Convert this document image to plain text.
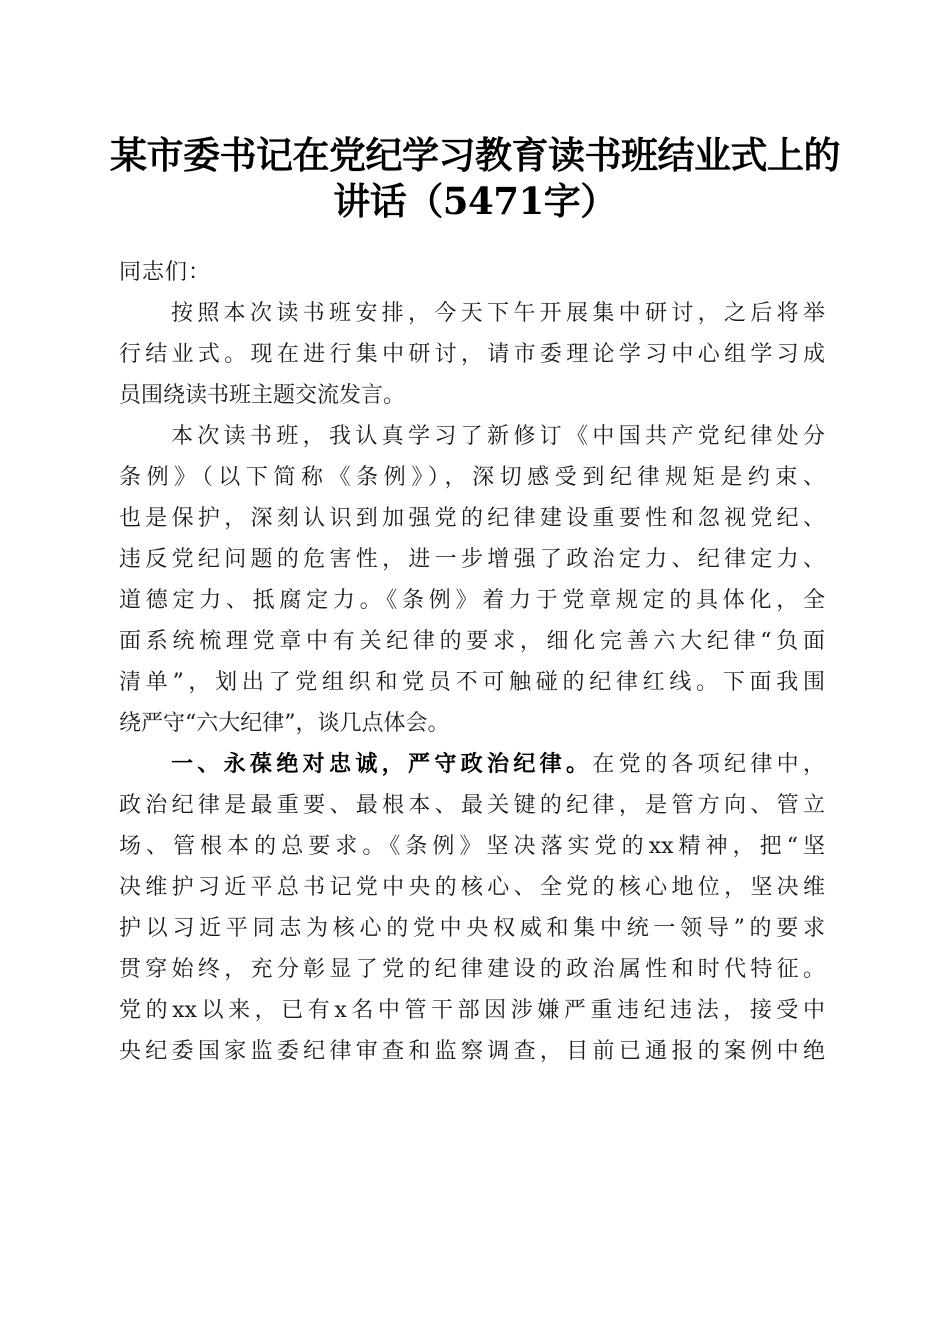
某市委书记在党纪学习教育读书班结业式上的
讲话（5471字）
同志们：
按照本次读书班安排，今天下午开展集中研讨，之后将举
行结业式。现在进行集中研讨，请市委理论学习中心组学习成
员围绕读书班主题交流发言。
本次读书班，我认真学习了新修订《中国共产党纪律处分
条例》（以下简称《条例》），深切感受到纪律规矩是约束、
也是保护，深刻认识到加强党的纪律建设重要性和忽视党纪、
违反党纪问题的危害性，进一步增强了政治定力、纪律定力、
道德定力、抵腐定力。《条例》着力于党章规定的具体化，全
面系统梳理党章中有关纪律的要求，细化完善六大纪律“负面
清单”，划出了党组织和党员不可触碰的纪律红线。下面我围
绕严守“六大纪律”，谈几点体会。
一、永葆绝对忠诚，严守政治纪律。在党的各项纪律中，
政治纪律是最重要、最根本、最关键的纪律，是管方向、管立
场、管根本的总要求。《条例》坚决落实党的xx精神，把“坚
决维护习近平总书记党中央的核心、全党的核心地位，坚决维
护以习近平同志为核心的党中央权威和集中统一领导”的要求
贯穿始终，充分彰显了党的纪律建设的政治属性和时代特征。
党的xx以来，已有x名中管干部因涉嫌严重违纪违法，接受中
央纪委国家监委纪律审查和监察调查，目前已通报的案例中绝
